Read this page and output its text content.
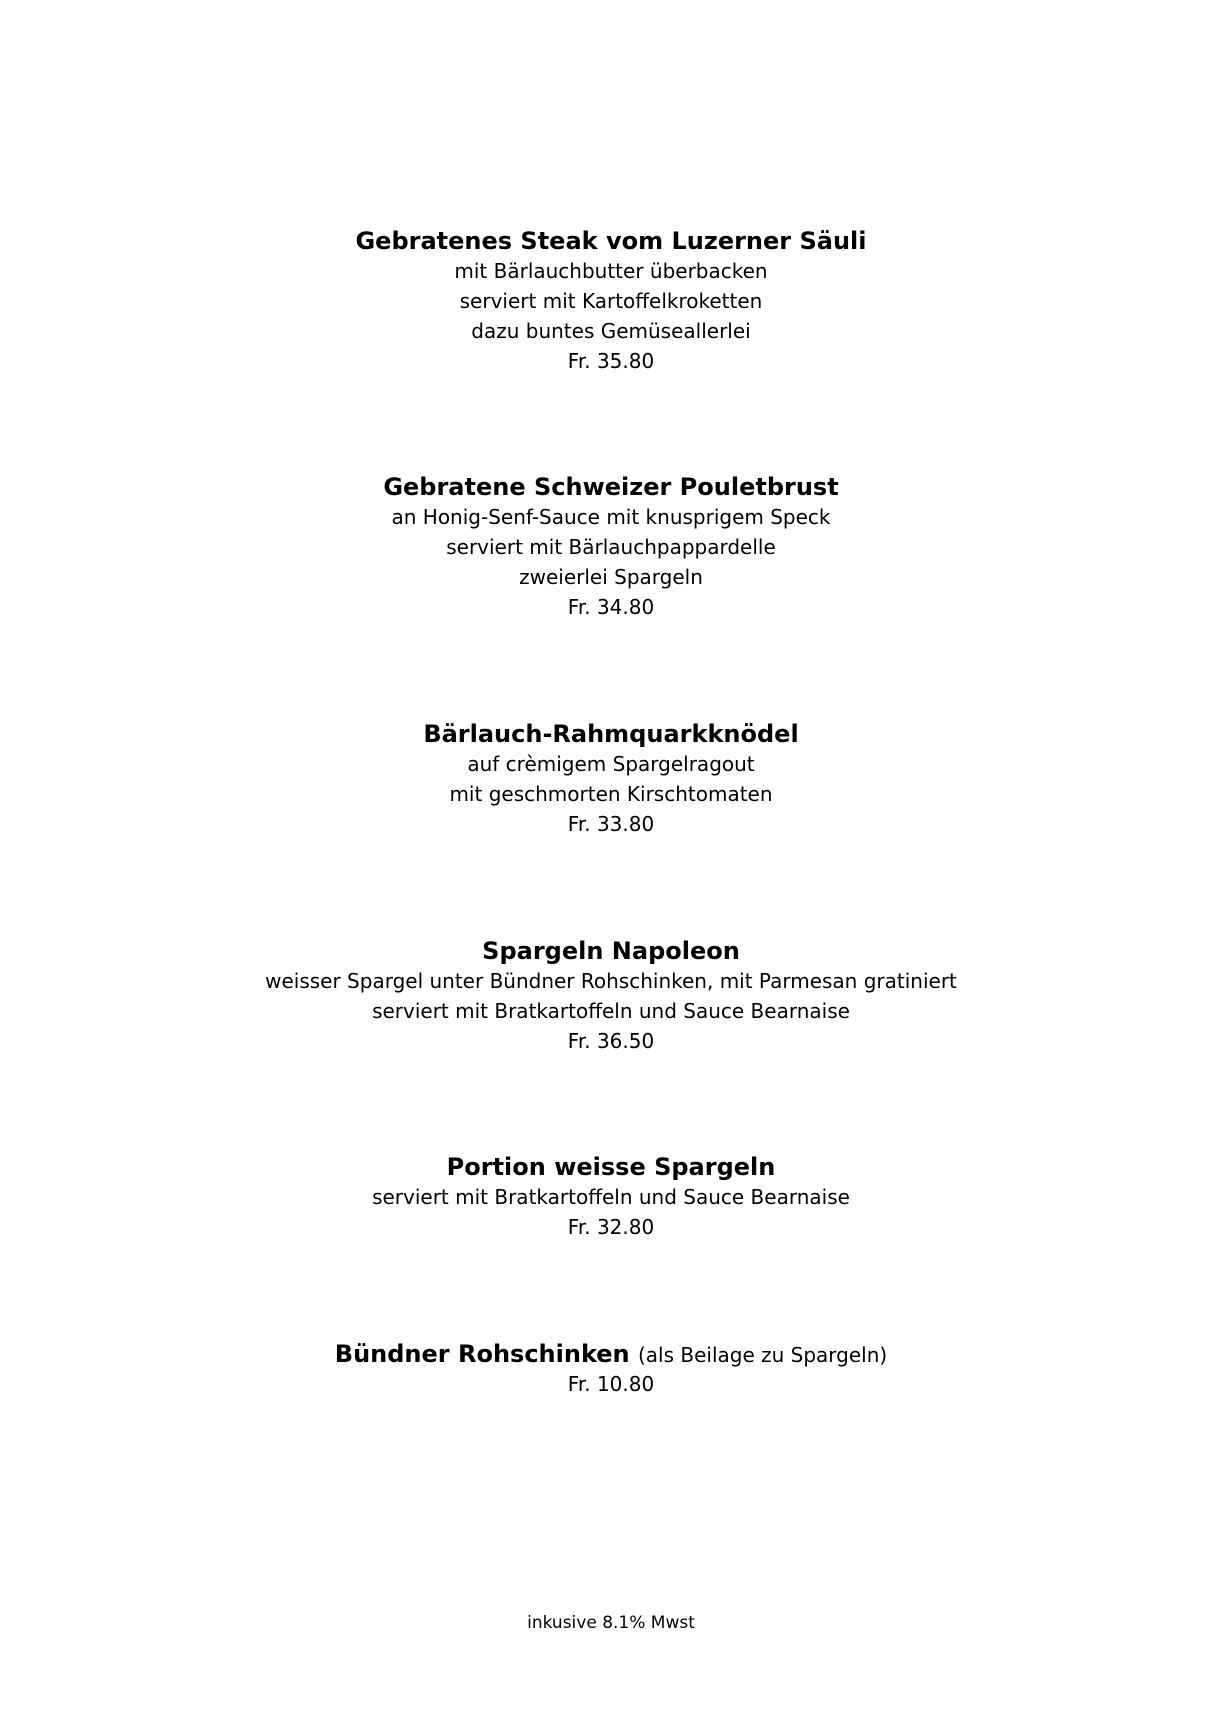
Gebratenes Steak vom Luzerner Säuli
mit Bärlauchbutter überbacken
serviert mit Kartoffelkroketten
dazu buntes Gemüseallerlei
Fr. 35.80
Gebratene Schweizer Pouletbrust
an Honig-Senf-Sauce mit knusprigem Speck
serviert mit Bärlauchpappardelle
zweierlei Spargeln
Fr. 34.80
Bärlauch-Rahmquarkknödel
auf crèmigem Spargelragout
mit geschmorten Kirschtomaten
Fr. 33.80
Spargeln Napoleon
weisser Spargel unter Bündner Rohschinken, mit Parmesan gratiniert
serviert mit Bratkartoffeln und Sauce Bearnaise
Fr. 36.50
Portion weisse Spargeln
serviert mit Bratkartoffeln und Sauce Bearnaise
Fr. 32.80
Bündner Rohschinken (als Beilage zu Spargeln)
Fr. 10.80
inkusive 8.1% Mwst
